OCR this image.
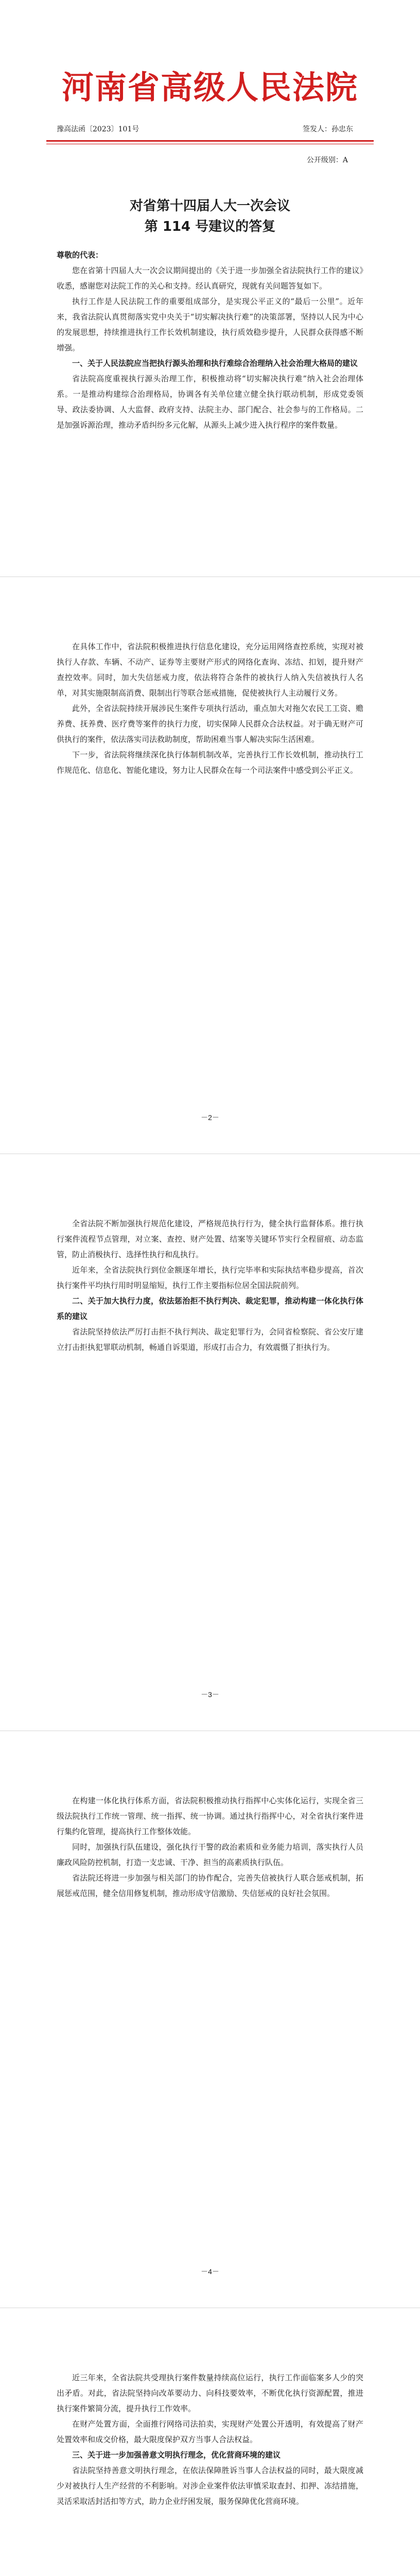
河南省高级人民法院
豫高法函〔2023〕101号	签发人：孙忠东
公开级别：A
对省第十四届人大一次会议
第 114 号建议的答复

尊敬的代表：

您在省第十四届人大一次会议期间提出的《关于进一步加强全省法院执行工作的建议》收悉，感谢您对法院工作的关心和支持。经认真研究，现就有关问题答复如下。

执行工作是人民法院工作的重要组成部分，是实现公平正义的“最后一公里”。近年来，我省法院认真贯彻落实党中央关于“切实解决执行难”的决策部署，坚持以人民为中心的发展思想，持续推进执行工作长效机制建设，执行质效稳步提升，人民群众获得感不断增强。

一、关于人民法院应当把执行源头治理和执行难综合治理纳入社会治理大格局的建议

省法院高度重视执行源头治理工作，积极推动将“切实解决执行难”纳入社会治理体系。一是推动构建综合治理格局，协调各有关单位建立健全执行联动机制，形成党委领导、政法委协调、人大监督、政府支持、法院主办、部门配合、社会参与的工作格局。二是加强诉源治理，推动矛盾纠纷多元化解，从源头上减少进入执行程序的案件数量。

在具体工作中，省法院积极推进执行信息化建设，充分运用网络查控系统，实现对被执行人存款、车辆、不动产、证券等主要财产形式的网络化查询、冻结、扣划，提升财产查控效率。同时，加大失信惩戒力度，依法将符合条件的被执行人纳入失信被执行人名单，对其实施限制高消费、限制出行等联合惩戒措施，促使被执行人主动履行义务。

此外，全省法院持续开展涉民生案件专项执行活动，重点加大对拖欠农民工工资、赡养费、抚养费、医疗费等案件的执行力度，切实保障人民群众合法权益。对于确无财产可供执行的案件，依法落实司法救助制度，帮助困难当事人解决实际生活困难。

下一步，省法院将继续深化执行体制机制改革，完善执行工作长效机制，推动执行工作规范化、信息化、智能化建设，努力让人民群众在每一个司法案件中感受到公平正义。

－2－

全省法院不断加强执行规范化建设，严格规范执行行为，健全执行监督体系。推行执行案件流程节点管理，对立案、查控、财产处置、结案等关键环节实行全程留痕、动态监管，防止消极执行、选择性执行和乱执行。

近年来，全省法院执行到位金额逐年增长，执行完毕率和实际执结率稳步提高，首次执行案件平均执行用时明显缩短，执行工作主要指标位居全国法院前列。

二、关于加大执行力度，依法惩治拒不执行判决、裁定犯罪，推动构建一体化执行体系的建议

省法院坚持依法严厉打击拒不执行判决、裁定犯罪行为，会同省检察院、省公安厅建立打击拒执犯罪联动机制，畅通自诉渠道，形成打击合力，有效震慑了拒执行为。

－3－

在构建一体化执行体系方面，省法院积极推动执行指挥中心实体化运行，实现全省三级法院执行工作统一管理、统一指挥、统一协调。通过执行指挥中心，对全省执行案件进行集约化管理，提高执行工作整体效能。

同时，加强执行队伍建设，强化执行干警的政治素质和业务能力培训，落实执行人员廉政风险防控机制，打造一支忠诚、干净、担当的高素质执行队伍。

省法院还将进一步加强与相关部门的协作配合，完善失信被执行人联合惩戒机制，拓展惩戒范围，健全信用修复机制，推动形成守信激励、失信惩戒的良好社会氛围。

－4－

近三年来，全省法院共受理执行案件数量持续高位运行，执行工作面临案多人少的突出矛盾。对此，省法院坚持向改革要动力、向科技要效率，不断优化执行资源配置，推进执行案件繁简分流，提升执行工作效率。

在财产处置方面，全面推行网络司法拍卖，实现财产处置公开透明，有效提高了财产处置效率和成交价格，最大限度保护双方当事人合法权益。

三、关于进一步加强善意文明执行理念，优化营商环境的建议

省法院坚持善意文明执行理念，在依法保障胜诉当事人合法权益的同时，最大限度减少对被执行人生产经营的不利影响。对涉企业案件依法审慎采取查封、扣押、冻结措施，灵活采取活封活扣等方式，助力企业纾困发展，服务保障优化营商环境。
